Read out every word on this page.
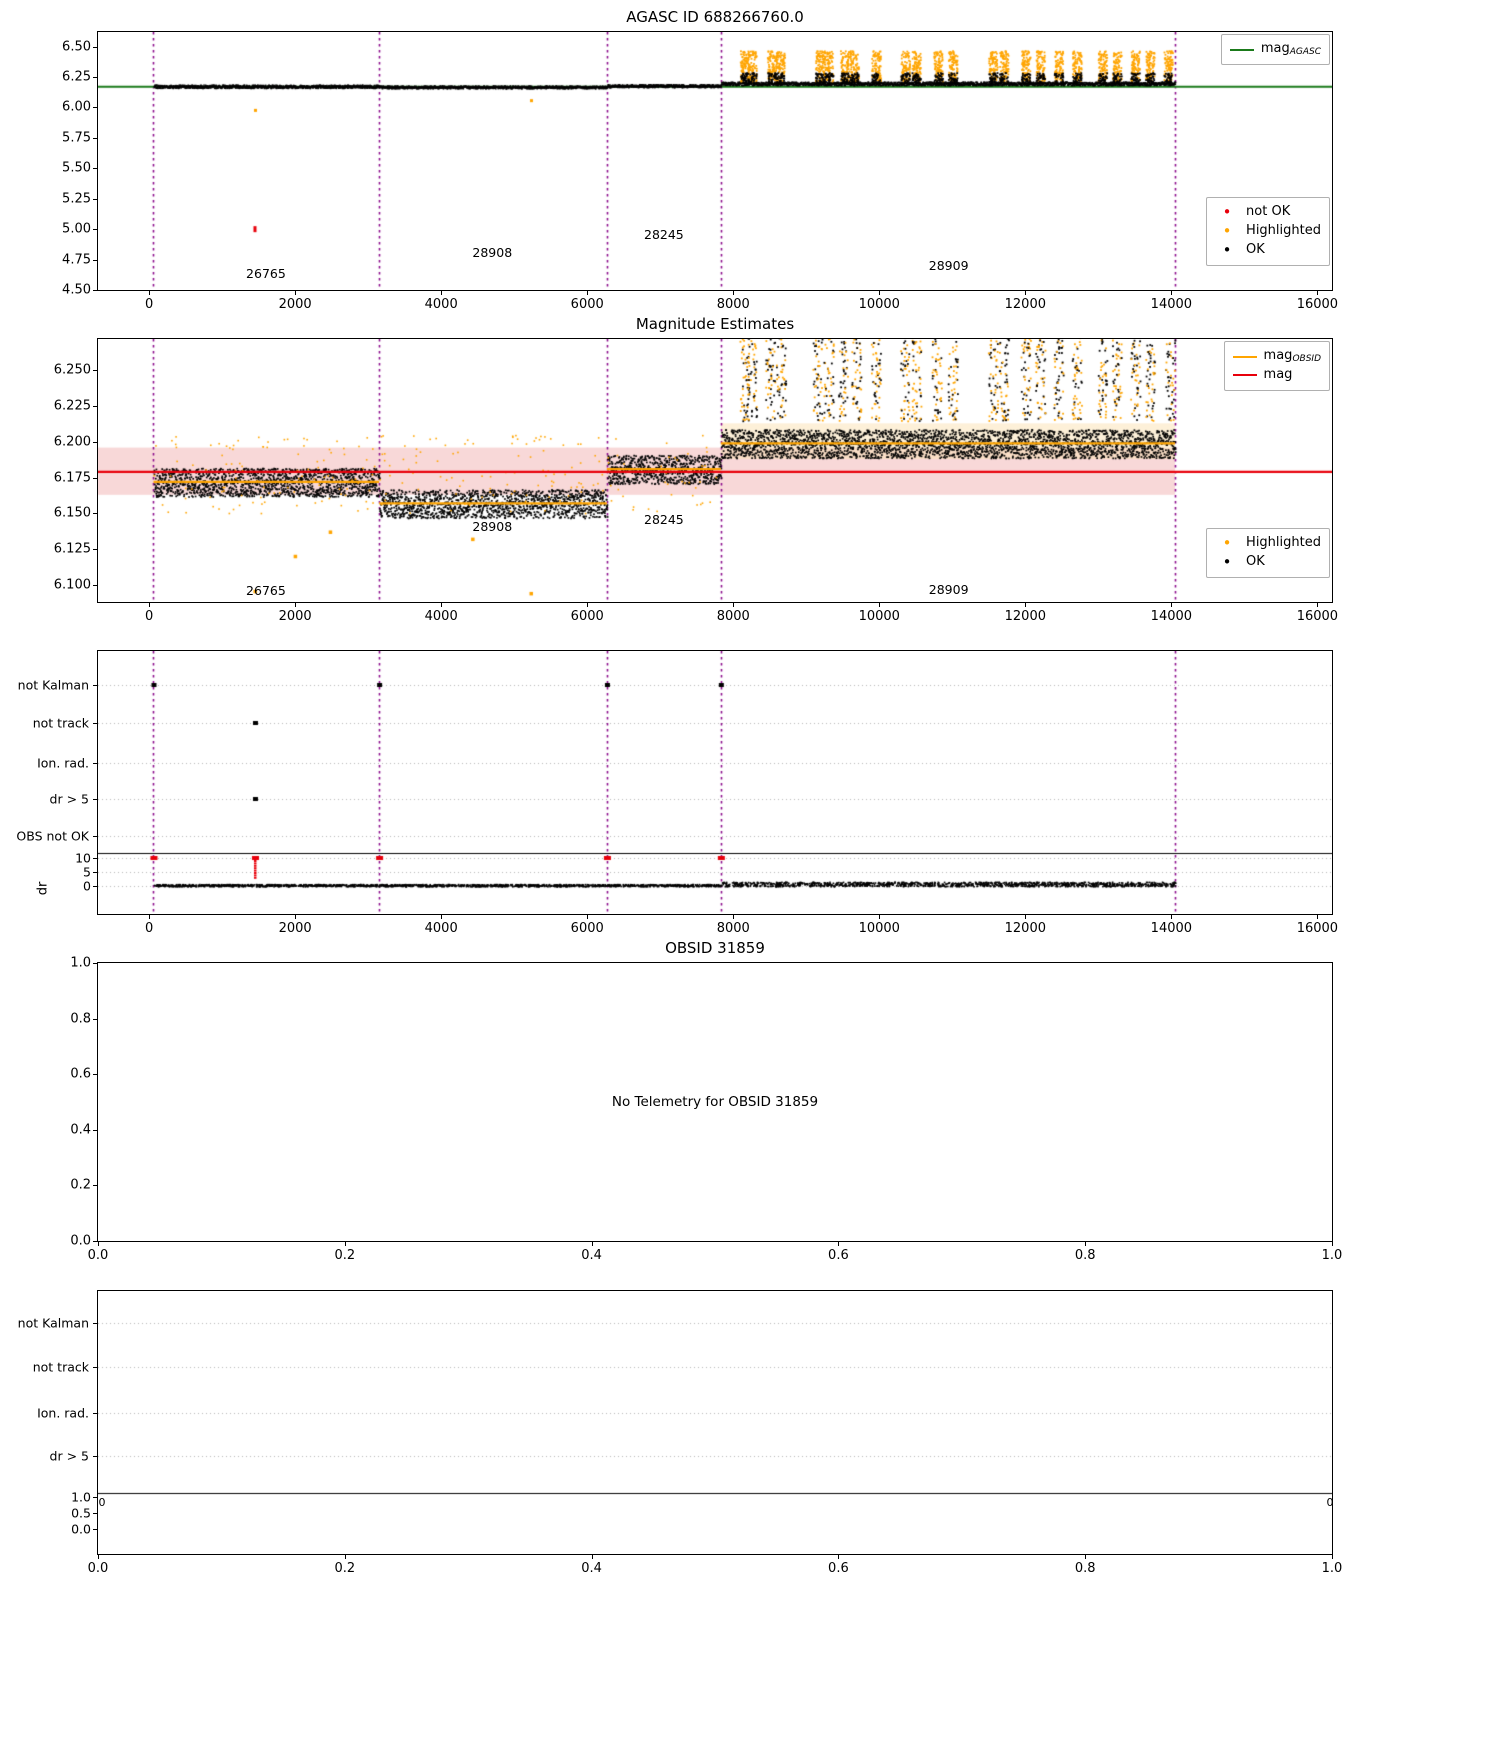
AGASC ID 688266760.0
4.50
4.75
5.00
5.25
5.50
5.75
6.00
6.25
6.50
0	2000	4000	6000	8000	10000	12000	14000	16000
26765
28908
28245
28909
mag$_{AGASC}$
•	not OK
•	Highlighted
•	OK
Magnitude Estimates
6.100
6.125
6.150
6.175
6.200
6.225
6.250
0	2000	4000	6000	8000	10000	12000	14000	16000
26765
28908	28245
28909
mag$_{OBSID}$
mag
•	Highlighted
•	OK
not Kalman
not track
Ion. rad.
dr > 5
OBS not OK
0
5
10
0	2000	4000	6000	8000	10000	12000	14000	16000
dr
OBSID 31859
No Telemetry for OBSID 31859
0.0
0.2
0.4
0.6
0.8
1.0
0.0	0.2	0.4	0.6	0.8	1.0
not Kalman
not track
Ion. rad.
dr > 5
0.0
0.5
1.0
0.0	0.2	0.4	0.6	0.8	1.0
0	0
